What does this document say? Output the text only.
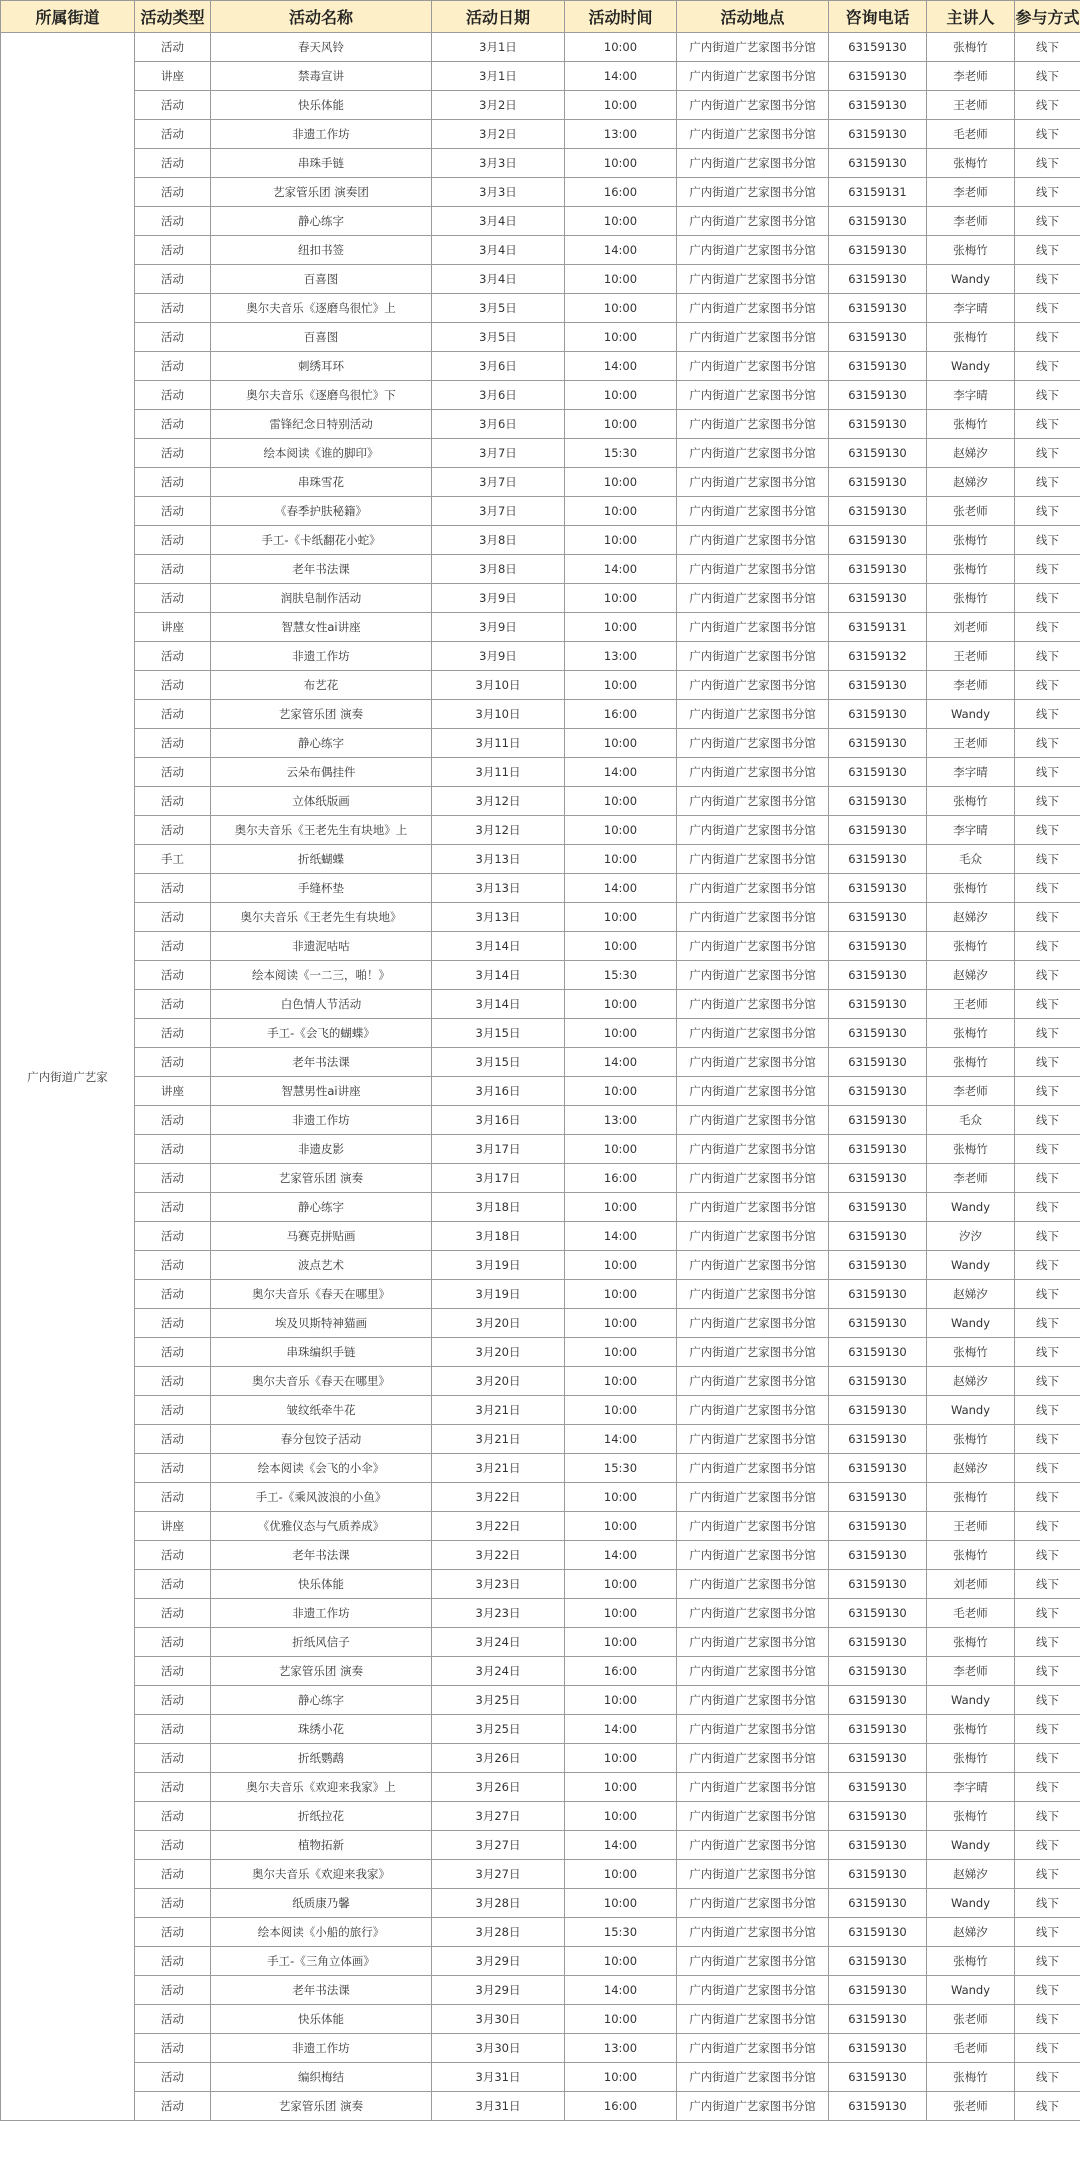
所属街道	活动类型	活动名称	活动日期	活动时间	活动地点	咨询电话	主讲人	参与方式
广内街道广艺家	活动	春天风铃	3月1日	10:00	广内街道广艺家图书分馆	63159130	张梅竹	线下
	讲座	禁毒宣讲	3月1日	14:00	广内街道广艺家图书分馆	63159130	李老师	线下
	活动	快乐体能	3月2日	10:00	广内街道广艺家图书分馆	63159130	王老师	线下
	活动	非遗工作坊	3月2日	13:00	广内街道广艺家图书分馆	63159130	毛老师	线下
	活动	串珠手链	3月3日	10:00	广内街道广艺家图书分馆	63159130	张梅竹	线下
	活动	艺家管乐团 演奏团	3月3日	16:00	广内街道广艺家图书分馆	63159131	李老师	线下
	活动	静心练字	3月4日	10:00	广内街道广艺家图书分馆	63159130	李老师	线下
	活动	纽扣书签	3月4日	14:00	广内街道广艺家图书分馆	63159130	张梅竹	线下
	活动	百喜图	3月4日	10:00	广内街道广艺家图书分馆	63159130	Wandy	线下
	活动	奥尔夫音乐《逐磨鸟很忙》上	3月5日	10:00	广内街道广艺家图书分馆	63159130	李字晴	线下
	活动	百喜图	3月5日	10:00	广内街道广艺家图书分馆	63159130	张梅竹	线下
	活动	刺绣耳环	3月6日	14:00	广内街道广艺家图书分馆	63159130	Wandy	线下
	活动	奥尔夫音乐《逐磨鸟很忙》下	3月6日	10:00	广内街道广艺家图书分馆	63159130	李字晴	线下
	活动	雷锋纪念日特别活动	3月6日	10:00	广内街道广艺家图书分馆	63159130	张梅竹	线下
	活动	绘本阅读《谁的脚印》	3月7日	15:30	广内街道广艺家图书分馆	63159130	赵娣汐	线下
	活动	串珠雪花	3月7日	10:00	广内街道广艺家图书分馆	63159130	赵娣汐	线下
	活动	《春季护肤秘籍》	3月7日	10:00	广内街道广艺家图书分馆	63159130	张老师	线下
	活动	手工-《卡纸翻花小蛇》	3月8日	10:00	广内街道广艺家图书分馆	63159130	张梅竹	线下
	活动	老年书法课	3月8日	14:00	广内街道广艺家图书分馆	63159130	张梅竹	线下
	活动	润肤皂制作活动	3月9日	10:00	广内街道广艺家图书分馆	63159130	张梅竹	线下
	讲座	智慧女性ai讲座	3月9日	10:00	广内街道广艺家图书分馆	63159131	刘老师	线下
	活动	非遗工作坊	3月9日	13:00	广内街道广艺家图书分馆	63159132	王老师	线下
	活动	布艺花	3月10日	10:00	广内街道广艺家图书分馆	63159130	李老师	线下
	活动	艺家管乐团 演奏	3月10日	16:00	广内街道广艺家图书分馆	63159130	Wandy	线下
	活动	静心练字	3月11日	10:00	广内街道广艺家图书分馆	63159130	王老师	线下
	活动	云朵布偶挂件	3月11日	14:00	广内街道广艺家图书分馆	63159130	李字晴	线下
	活动	立体纸版画	3月12日	10:00	广内街道广艺家图书分馆	63159130	张梅竹	线下
	活动	奥尔夫音乐《王老先生有块地》上	3月12日	10:00	广内街道广艺家图书分馆	63159130	李字晴	线下
	手工	折纸蝴蝶	3月13日	10:00	广内街道广艺家图书分馆	63159130	毛众	线下
	活动	手缝杯垫	3月13日	14:00	广内街道广艺家图书分馆	63159130	张梅竹	线下
	活动	奥尔夫音乐《王老先生有块地》	3月13日	10:00	广内街道广艺家图书分馆	63159130	赵娣汐	线下
	活动	非遗泥咕咕	3月14日	10:00	广内街道广艺家图书分馆	63159130	张梅竹	线下
	活动	绘本阅读《一二三，啪！》	3月14日	15:30	广内街道广艺家图书分馆	63159130	赵娣汐	线下
	活动	白色情人节活动	3月14日	10:00	广内街道广艺家图书分馆	63159130	王老师	线下
	活动	手工-《会飞的蝴蝶》	3月15日	10:00	广内街道广艺家图书分馆	63159130	张梅竹	线下
	活动	老年书法课	3月15日	14:00	广内街道广艺家图书分馆	63159130	张梅竹	线下
	讲座	智慧男性ai讲座	3月16日	10:00	广内街道广艺家图书分馆	63159130	李老师	线下
	活动	非遗工作坊	3月16日	13:00	广内街道广艺家图书分馆	63159130	毛众	线下
	活动	非遗皮影	3月17日	10:00	广内街道广艺家图书分馆	63159130	张梅竹	线下
	活动	艺家管乐团 演奏	3月17日	16:00	广内街道广艺家图书分馆	63159130	李老师	线下
	活动	静心练字	3月18日	10:00	广内街道广艺家图书分馆	63159130	Wandy	线下
	活动	马赛克拼贴画	3月18日	14:00	广内街道广艺家图书分馆	63159130	汐汐	线下
	活动	波点艺术	3月19日	10:00	广内街道广艺家图书分馆	63159130	Wandy	线下
	活动	奥尔夫音乐《春天在哪里》	3月19日	10:00	广内街道广艺家图书分馆	63159130	赵娣汐	线下
	活动	埃及贝斯特神猫画	3月20日	10:00	广内街道广艺家图书分馆	63159130	Wandy	线下
	活动	串珠编织手链	3月20日	10:00	广内街道广艺家图书分馆	63159130	张梅竹	线下
	活动	奥尔夫音乐《春天在哪里》	3月20日	10:00	广内街道广艺家图书分馆	63159130	赵娣汐	线下
	活动	皱纹纸牵牛花	3月21日	10:00	广内街道广艺家图书分馆	63159130	Wandy	线下
	活动	春分包饺子活动	3月21日	14:00	广内街道广艺家图书分馆	63159130	张梅竹	线下
	活动	绘本阅读《会飞的小伞》	3月21日	15:30	广内街道广艺家图书分馆	63159130	赵娣汐	线下
	活动	手工-《乘风波浪的小鱼》	3月22日	10:00	广内街道广艺家图书分馆	63159130	张梅竹	线下
	讲座	《优雅仪态与气质养成》	3月22日	10:00	广内街道广艺家图书分馆	63159130	王老师	线下
	活动	老年书法课	3月22日	14:00	广内街道广艺家图书分馆	63159130	张梅竹	线下
	活动	快乐体能	3月23日	10:00	广内街道广艺家图书分馆	63159130	刘老师	线下
	活动	非遗工作坊	3月23日	10:00	广内街道广艺家图书分馆	63159130	毛老师	线下
	活动	折纸风信子	3月24日	10:00	广内街道广艺家图书分馆	63159130	张梅竹	线下
	活动	艺家管乐团 演奏	3月24日	16:00	广内街道广艺家图书分馆	63159130	李老师	线下
	活动	静心练字	3月25日	10:00	广内街道广艺家图书分馆	63159130	Wandy	线下
	活动	珠绣小花	3月25日	14:00	广内街道广艺家图书分馆	63159130	张梅竹	线下
	活动	折纸鹦鹉	3月26日	10:00	广内街道广艺家图书分馆	63159130	张梅竹	线下
	活动	奥尔夫音乐《欢迎来我家》上	3月26日	10:00	广内街道广艺家图书分馆	63159130	李字晴	线下
	活动	折纸拉花	3月27日	10:00	广内街道广艺家图书分馆	63159130	张梅竹	线下
	活动	植物拓新	3月27日	14:00	广内街道广艺家图书分馆	63159130	Wandy	线下
	活动	奥尔夫音乐《欢迎来我家》	3月27日	10:00	广内街道广艺家图书分馆	63159130	赵娣汐	线下
	活动	纸质康乃馨	3月28日	10:00	广内街道广艺家图书分馆	63159130	Wandy	线下
	活动	绘本阅读《小船的旅行》	3月28日	15:30	广内街道广艺家图书分馆	63159130	赵娣汐	线下
	活动	手工-《三角立体画》	3月29日	10:00	广内街道广艺家图书分馆	63159130	张梅竹	线下
	活动	老年书法课	3月29日	14:00	广内街道广艺家图书分馆	63159130	Wandy	线下
	活动	快乐体能	3月30日	10:00	广内街道广艺家图书分馆	63159130	张老师	线下
	活动	非遗工作坊	3月30日	13:00	广内街道广艺家图书分馆	63159130	毛老师	线下
	活动	编织梅结	3月31日	10:00	广内街道广艺家图书分馆	63159130	张梅竹	线下
	活动	艺家管乐团 演奏	3月31日	16:00	广内街道广艺家图书分馆	63159130	张老师	线下
